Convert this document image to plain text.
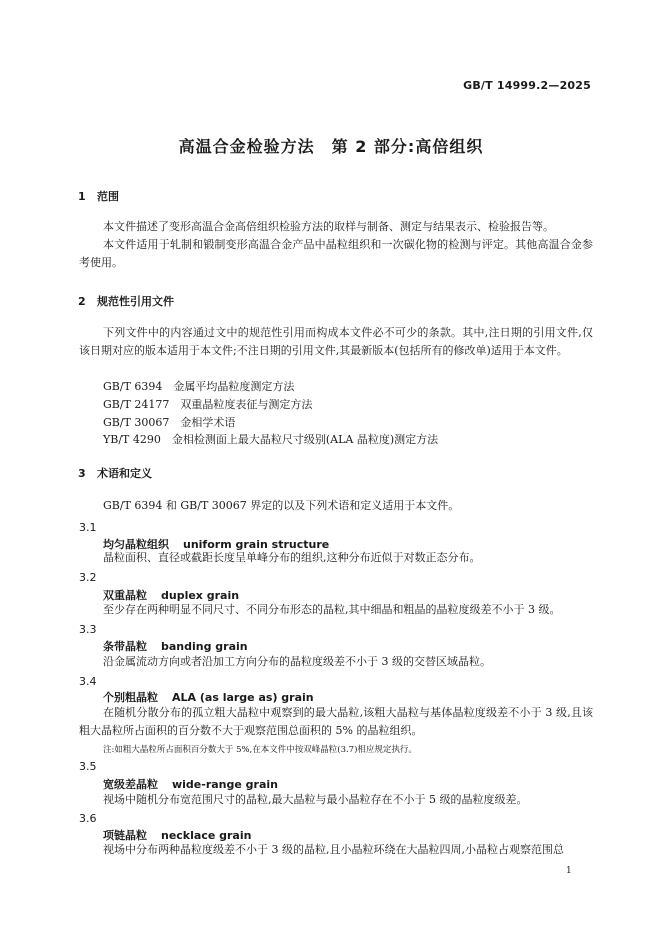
GB/T 14999.2—2025
高温合金检验方法　第 2 部分:高倍组织
1 范围
本文件描述了变形高温合金高倍组织检验方法的取样与制备、测定与结果表示、检验报告等。
本文件适用于轧制和锻制变形高温合金产品中晶粒组织和一次碳化物的检测与评定。其他高温合金参考使用。
2 规范性引用文件
下列文件中的内容通过文中的规范性引用而构成本文件必不可少的条款。其中,注日期的引用文件,仅该日期对应的版本适用于本文件;不注日期的引用文件,其最新版本(包括所有的修改单)适用于本文件。
GB/T 6394　金属平均晶粒度测定方法
GB/T 24177　双重晶粒度表征与测定方法
GB/T 30067　金相学术语
YB/T 4290　金相检测面上最大晶粒尺寸级别(ALA 晶粒度)测定方法
3 术语和定义
GB/T 6394 和 GB/T 30067 界定的以及下列术语和定义适用于本文件。
3.1
均匀晶粒组织 uniform grain structure
晶粒面积、直径或截距长度呈单峰分布的组织,这种分布近似于对数正态分布。
3.2
双重晶粒 duplex grain
至少存在两种明显不同尺寸、不同分布形态的晶粒,其中细晶和粗晶的晶粒度级差不小于 3 级。
3.3
条带晶粒 banding grain
沿金属流动方向或者沿加工方向分布的晶粒度级差不小于 3 级的交替区域晶粒。
3.4
个别粗晶粒 ALA (as large as) grain
在随机分散分布的孤立粗大晶粒中观察到的最大晶粒,该粗大晶粒与基体晶粒度级差不小于 3 级,且该粗大晶粒所占面积的百分数不大于观察范围总面积的 5% 的晶粒组织。
注:如粗大晶粒所占面积百分数大于 5%,在本文件中按双峰晶粒(3.7)相应规定执行。
3.5
宽级差晶粒 wide-range grain
视场中随机分布宽范围尺寸的晶粒,最大晶粒与最小晶粒存在不小于 5 级的晶粒度级差。
3.6
项链晶粒 necklace grain
视场中分布两种晶粒度级差不小于 3 级的晶粒,且小晶粒环绕在大晶粒四周,小晶粒占观察范围总
1
